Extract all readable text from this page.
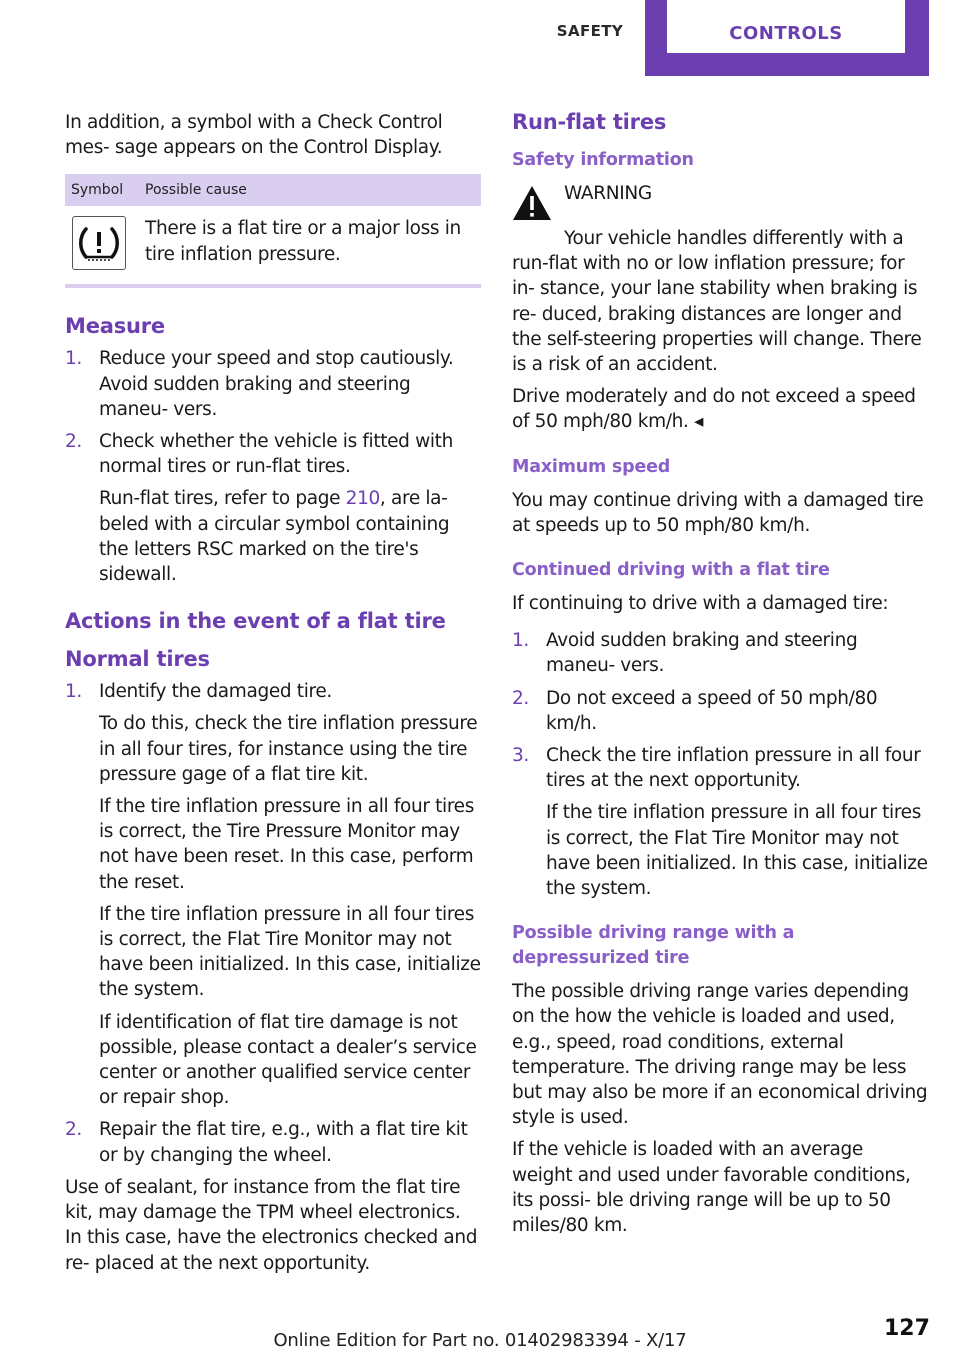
SAFETY	CONTROLS

In addition, a symbol with a Check Control mes- sage appears on the Control Display.

Symbol	Possible cause

	There is a flat tire or a major loss in tire inflation pressure.
Measure
1. Reduce your speed and stop cautiously. Avoid sudden braking and steering maneu- vers.
2. Check whether the vehicle is fitted with normal tires or run-flat tires.
Run-flat tires, refer to page 210, are la- beled with a circular symbol containing the letters RSC marked on the tire's sidewall.
Actions in the event of a flat tire
Normal tires
1. Identify the damaged tire.
To do this, check the tire inflation pressure in all four tires, for instance using the tire pressure gage of a flat tire kit.
If the tire inflation pressure in all four tires is correct, the Tire Pressure Monitor may not have been reset. In this case, perform the reset.
If the tire inflation pressure in all four tires is correct, the Flat Tire Monitor may not have been initialized. In this case, initialize the system.
If identification of flat tire damage is not possible, please contact a dealer’s service center or another qualified service center or repair shop.
2. Repair the flat tire, e.g., with a flat tire kit or by changing the wheel.

Use of sealant, for instance from the flat tire kit, may damage the TPM wheel electronics. In this case, have the electronics checked and re- placed at the next opportunity.

Run-flat tires
Safety information
WARNING

Your vehicle handles differently with a run-flat with no or low inflation pressure; for in- stance, your lane stability when braking is re- duced, braking distances are longer and the self-steering properties will change. There is a risk of an accident.

Drive moderately and do not exceed a speed of 50 mph/80 km/h. ◂

Maximum speed

You may continue driving with a damaged tire at speeds up to 50 mph/80 km/h.

Continued driving with a flat tire

If continuing to drive with a damaged tire:

1. Avoid sudden braking and steering maneu- vers.
2. Do not exceed a speed of 50 mph/80 km/h.
3. Check the tire inflation pressure in all four tires at the next opportunity.
If the tire inflation pressure in all four tires is correct, the Flat Tire Monitor may not have been initialized. In this case, initialize the system.
Possible driving range with a depressurized tire

The possible driving range varies depending on the how the vehicle is loaded and used, e.g., speed, road conditions, external temperature. The driving range may be less but may also be more if an economical driving style is used.

If the vehicle is loaded with an average weight and used under favorable conditions, its possi- ble driving range will be up to 50 miles/80 km.

127
Online Edition for Part no. 01402983394 - X/17
